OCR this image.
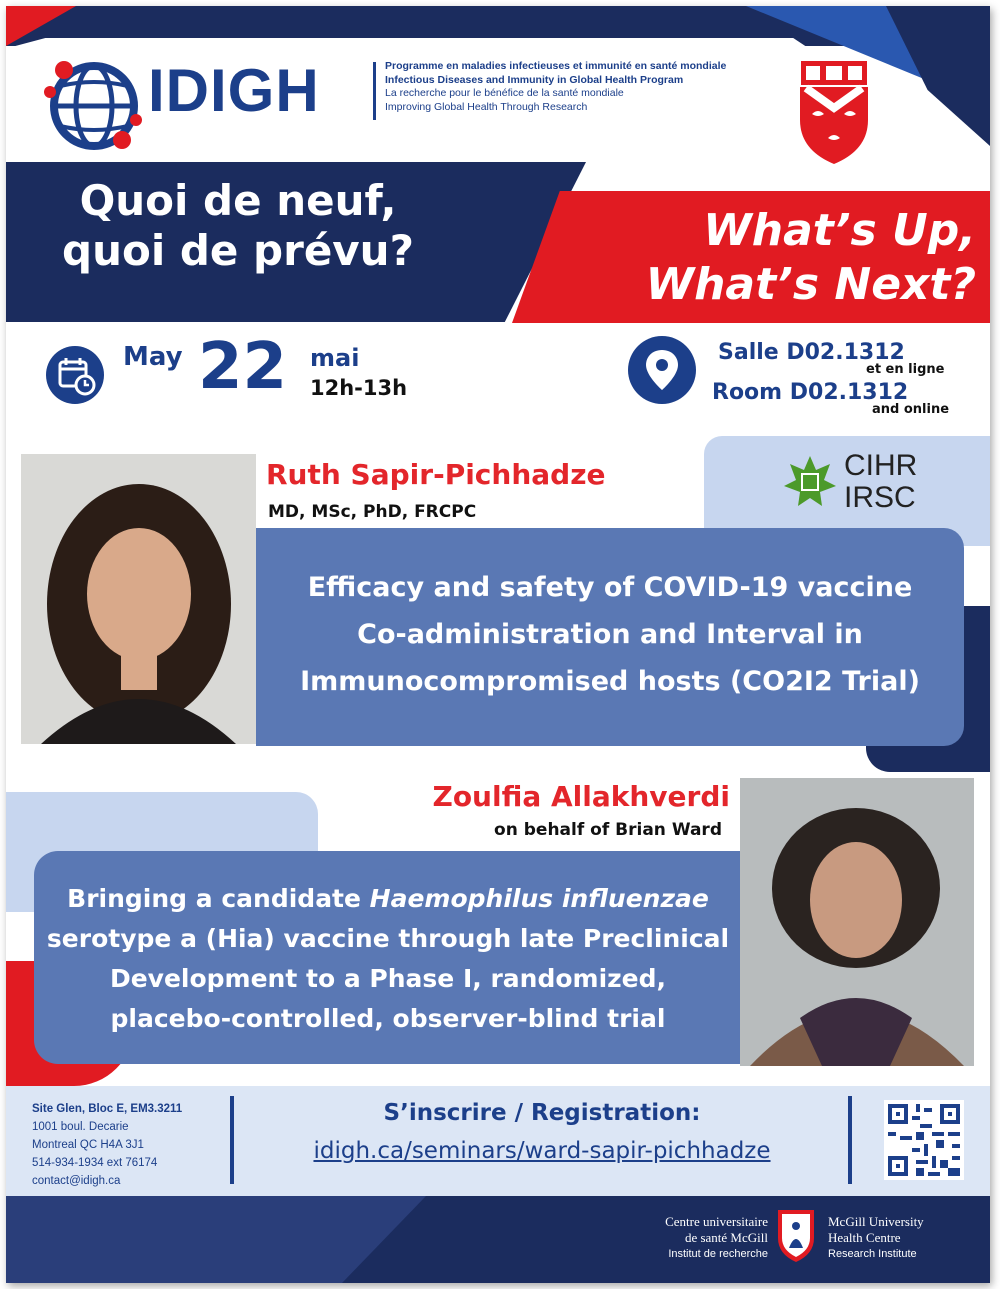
IDIGH	Programme en maladies infectieuses et immunité en santé mondiale
Infectious Diseases and Immunity in Global Health Program
La recherche pour le bénéfice de la santé mondiale
Improving Global Health Through Research
Quoi de neuf,
quoi de prévu?	What’s Up,
What’s Next?
May 22 mai
12h-13h
Salle D02.1312
et en ligne
Room D02.1312
and online
CIHR
IRSC
Ruth Sapir-Pichhadze
MD, MSc, PhD, FRCPC
Efficacy and safety of COVID-19 vaccine
Co-administration and Interval in
Immunocompromised hosts (CO2I2 Trial)
Zoulfia Allakhverdi
on behalf of Brian Ward
Bringing a candidate Haemophilus influenzae
serotype a (Hia) vaccine through late Preclinical
Development to a Phase I, randomized,
placebo-controlled, observer-blind trial
Site Glen, Bloc E, EM3.3211
1001 boul. Decarie
Montreal QC H4A 3J1
514-934-1934 ext 76174
contact@idigh.ca
S’inscrire / Registration:
idigh.ca/seminars/ward-sapir-pichhadze
Centre universitaire
de santé McGill
Institut de recherche
McGill University
Health Centre
Research Institute
